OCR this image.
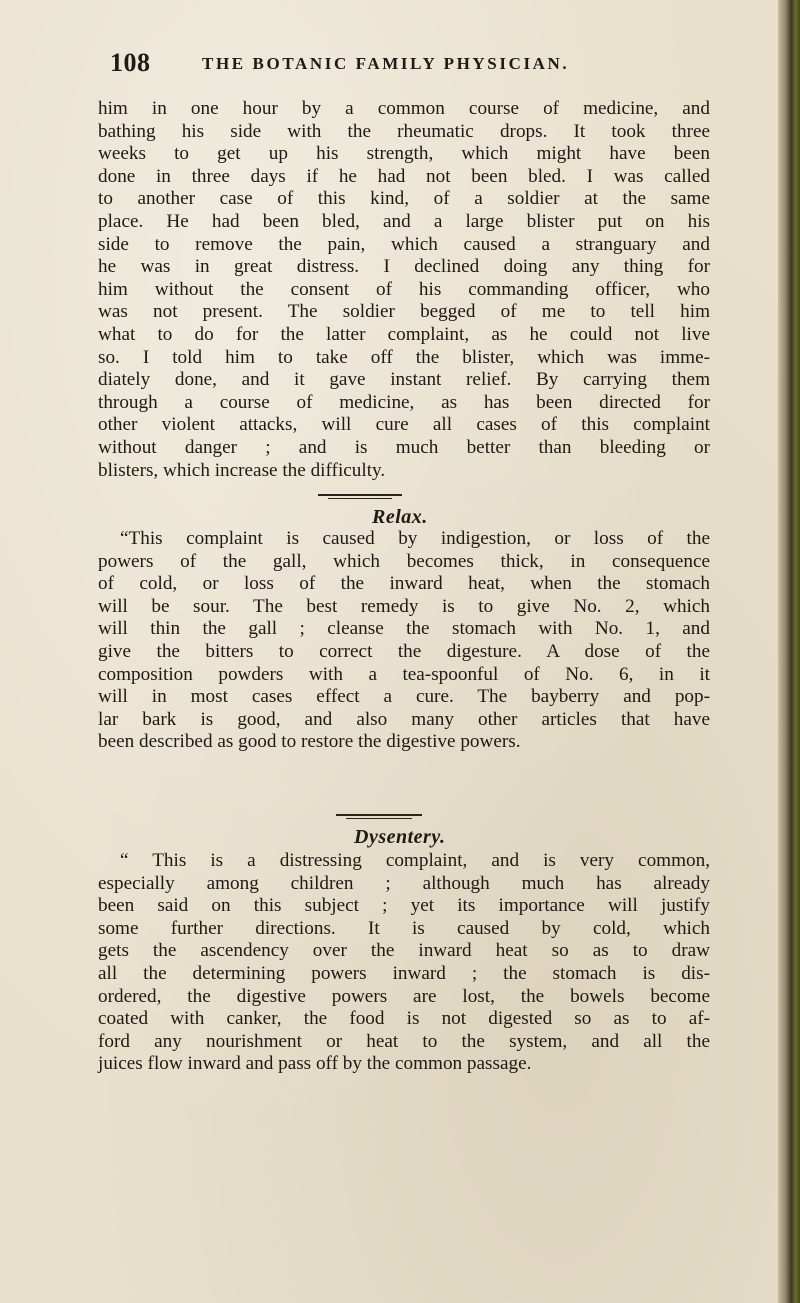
108	THE BOTANIC FAMILY PHYSICIAN.
him in one hour by a common course of medicine, and
bathing his side with the rheumatic drops. It took three
weeks to get up his strength, which might have been
done in three days if he had not been bled. I was called
to another case of this kind, of a soldier at the same
place. He had been bled, and a large blister put on his
side to remove the pain, which caused a stranguary and
he was in great distress. I declined doing any thing for
him without the consent of his commanding officer, who
was not present. The soldier begged of me to tell him
what to do for the latter complaint, as he could not live
so. I told him to take off the blister, which was imme-
diately done, and it gave instant relief. By carrying them
through a course of medicine, as has been directed for
other violent attacks, will cure all cases of this complaint
without danger ; and is much better than bleeding or
blisters, which increase the difficulty.
Relax.
“This complaint is caused by indigestion, or loss of the
powers of the gall, which becomes thick, in consequence
of cold, or loss of the inward heat, when the stomach
will be sour. The best remedy is to give No. 2, which
will thin the gall ; cleanse the stomach with No. 1, and
give the bitters to correct the digesture. A dose of the
composition powders with a tea-spoonful of No. 6, in it
will in most cases effect a cure. The bayberry and pop-
lar bark is good, and also many other articles that have
been described as good to restore the digestive powers.
Dysentery.
“ This is a distressing complaint, and is very common,
especially among children ; although much has already
been said on this subject ; yet its importance will justify
some further directions. It is caused by cold, which
gets the ascendency over the inward heat so as to draw
all the determining powers inward ; the stomach is dis-
ordered, the digestive powers are lost, the bowels become
coated with canker, the food is not digested so as to af-
ford any nourishment or heat to the system, and all the
juices flow inward and pass off by the common passage.
